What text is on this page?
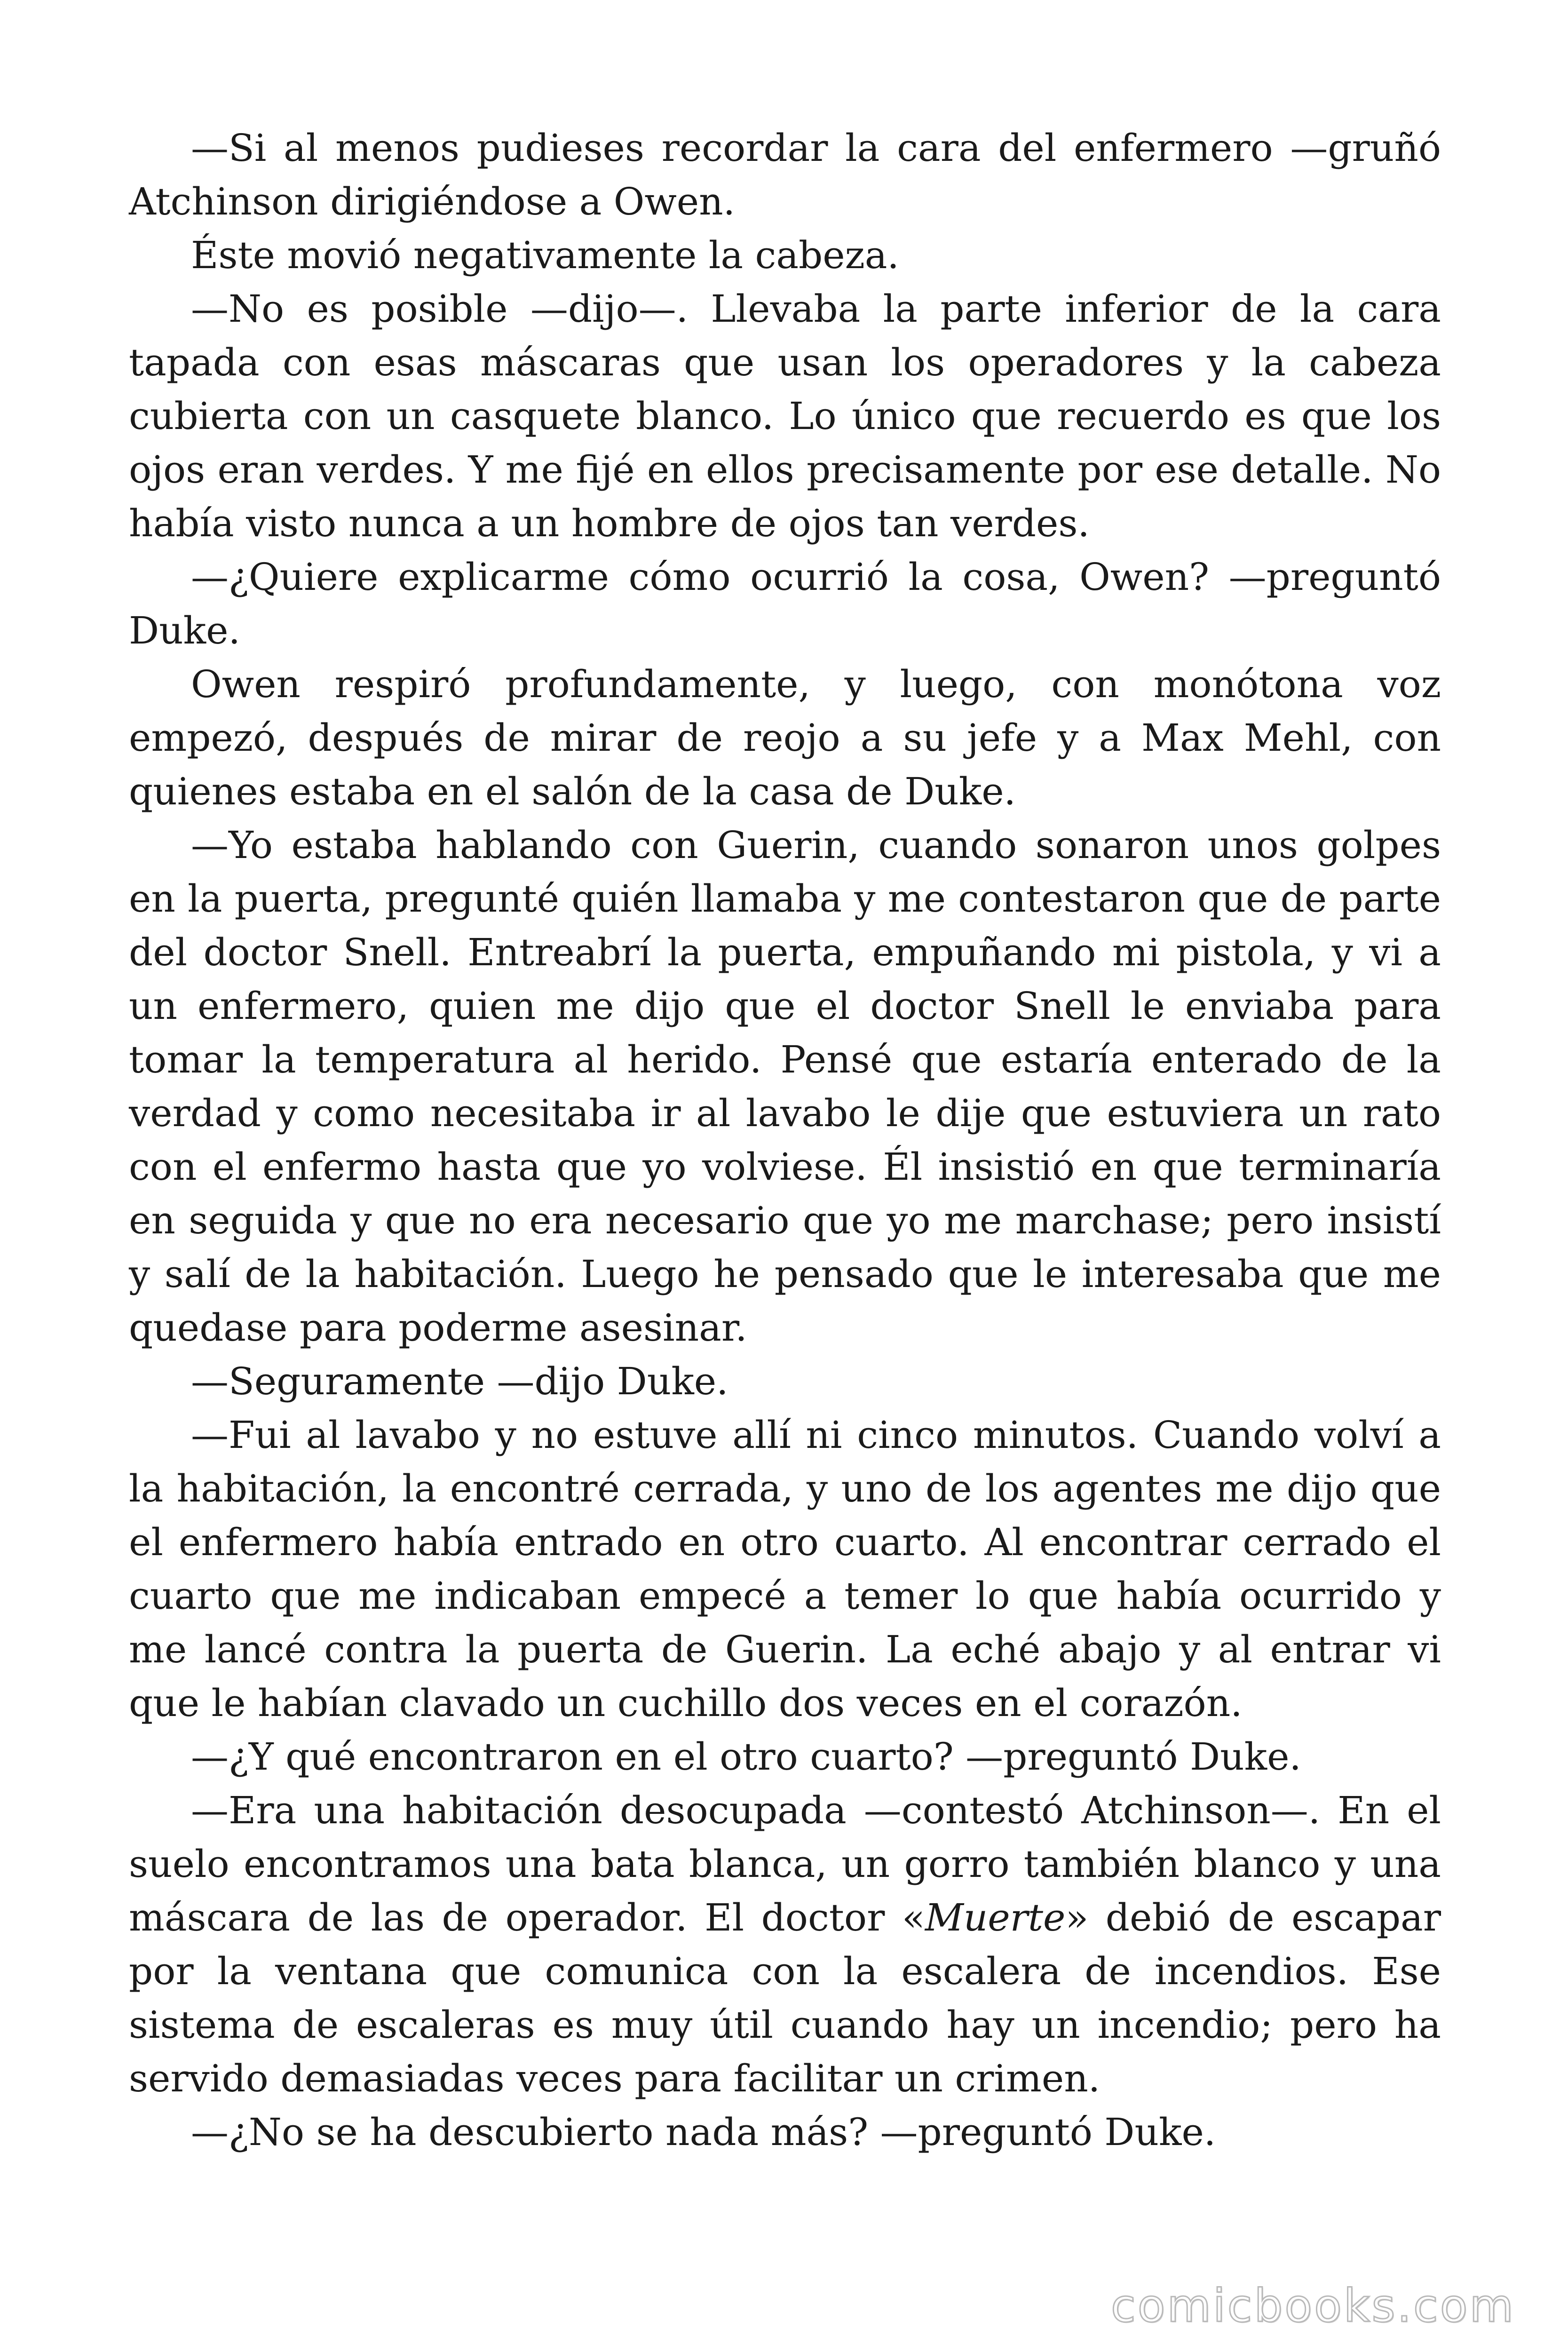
—Si al menos pudieses recordar la cara del enfermero —gruñó Atchinson dirigiéndose a Owen.

Éste movió negativamente la cabeza.

—No es posible —dijo—. Llevaba la parte inferior de la cara tapada con esas máscaras que usan los operadores y la cabeza cubierta con un casquete blanco. Lo único que recuerdo es que los ojos eran verdes. Y me fijé en ellos precisamente por ese detalle. No había visto nunca a un hombre de ojos tan verdes.

—¿Quiere explicarme cómo ocurrió la cosa, Owen? —preguntó Duke.

Owen respiró profundamente, y luego, con monótona voz empezó, después de mirar de reojo a su jefe y a Max Mehl, con quienes estaba en el salón de la casa de Duke.

—Yo estaba hablando con Guerin, cuando sonaron unos golpes en la puerta, pregunté quién llamaba y me contestaron que de parte del doctor Snell. Entreabrí la puerta, empuñando mi pistola, y vi a un enfermero, quien me dijo que el doctor Snell le enviaba para tomar la temperatura al herido. Pensé que estaría enterado de la verdad y como necesitaba ir al lavabo le dije que estuviera un rato con el enfermo hasta que yo volviese. Él insistió en que terminaría en seguida y que no era necesario que yo me marchase; pero insistí y salí de la habitación. Luego he pensado que le interesaba que me quedase para poderme asesinar.

—Seguramente —dijo Duke.

—Fui al lavabo y no estuve allí ni cinco minutos. Cuando volví a la habitación, la encontré cerrada, y uno de los agentes me dijo que el enfermero había entrado en otro cuarto. Al encontrar cerrado el cuarto que me indicaban empecé a temer lo que había ocurrido y me lancé contra la puerta de Guerin. La eché abajo y al entrar vi que le habían clavado un cuchillo dos veces en el corazón.

—¿Y qué encontraron en el otro cuarto? —preguntó Duke.

—Era una habitación desocupada —contestó Atchinson—. En el suelo encontramos una bata blanca, un gorro también blanco y una máscara de las de operador. El doctor «Muerte» debió de escapar por la ventana que comunica con la escalera de incendios. Ese sistema de escaleras es muy útil cuando hay un incendio; pero ha servido demasiadas veces para facilitar un crimen.

—¿No se ha descubierto nada más? —preguntó Duke.

comicbooks.com
